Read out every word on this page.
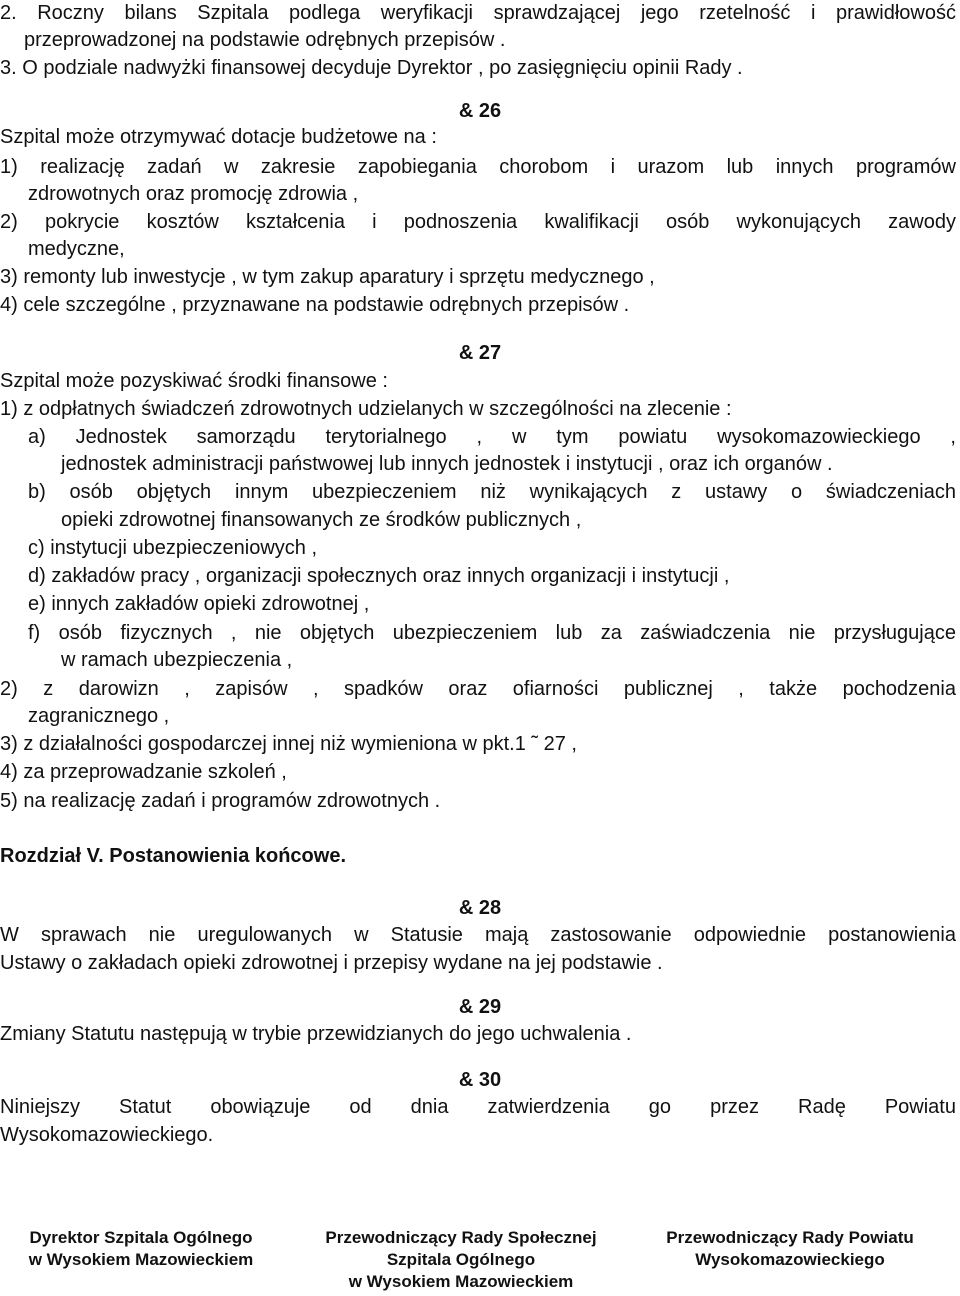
2. Roczny bilans Szpitala podlega weryfikacji sprawdzającej jego rzetelność i prawidłowość
przeprowadzonej na podstawie odrębnych przepisów .
3. O podziale nadwyżki finansowej decyduje Dyrektor , po zasięgnięciu opinii Rady .
& 26
Szpital może otrzymywać dotacje budżetowe na :
1) realizację zadań w zakresie zapobiegania chorobom i urazom lub innych programów
zdrowotnych oraz promocję zdrowia ,
2) pokrycie kosztów kształcenia i podnoszenia kwalifikacji osób wykonujących zawody
medyczne,
3) remonty lub inwestycje , w tym zakup aparatury i sprzętu medycznego ,
4) cele szczególne , przyznawane na podstawie odrębnych przepisów .
& 27
Szpital może pozyskiwać środki finansowe :
1) z odpłatnych świadczeń zdrowotnych udzielanych w szczególności na zlecenie :
a) Jednostek samorządu terytorialnego , w tym powiatu wysokomazowieckiego ,
jednostek administracji państwowej lub innych jednostek i instytucji , oraz ich organów .
b) osób objętych innym ubezpieczeniem niż wynikających z ustawy o świadczeniach
opieki zdrowotnej finansowanych ze środków publicznych ,
c) instytucji ubezpieczeniowych ,
d) zakładów pracy , organizacji społecznych oraz innych organizacji i instytucji ,
e) innych zakładów opieki zdrowotnej ,
f) osób fizycznych , nie objętych ubezpieczeniem lub za zaświadczenia nie przysługujące
w ramach ubezpieczenia ,
2) z darowizn , zapisów , spadków oraz ofiarności publicznej , także pochodzenia
zagranicznego ,
3) z działalności gospodarczej innej niż wymieniona w pkt.1 ˜ 27 ,
4) za przeprowadzanie szkoleń ,
5) na realizację zadań i programów zdrowotnych .
Rozdział V. Postanowienia końcowe.
& 28
W sprawach nie uregulowanych w Statusie mają zastosowanie odpowiednie postanowienia
Ustawy o zakładach opieki zdrowotnej i przepisy wydane na jej podstawie .
& 29
Zmiany Statutu następują w trybie przewidzianych do jego uchwalenia .
& 30
Niniejszy Statut obowiązuje od dnia zatwierdzenia go przez Radę Powiatu
Wysokomazowieckiego.
Dyrektor Szpitala Ogólnego
w Wysokiem Mazowieckiem
Przewodniczący Rady Społecznej
Szpitala Ogólnego
w Wysokiem Mazowieckiem
Przewodniczący Rady Powiatu
Wysokomazowieckiego
